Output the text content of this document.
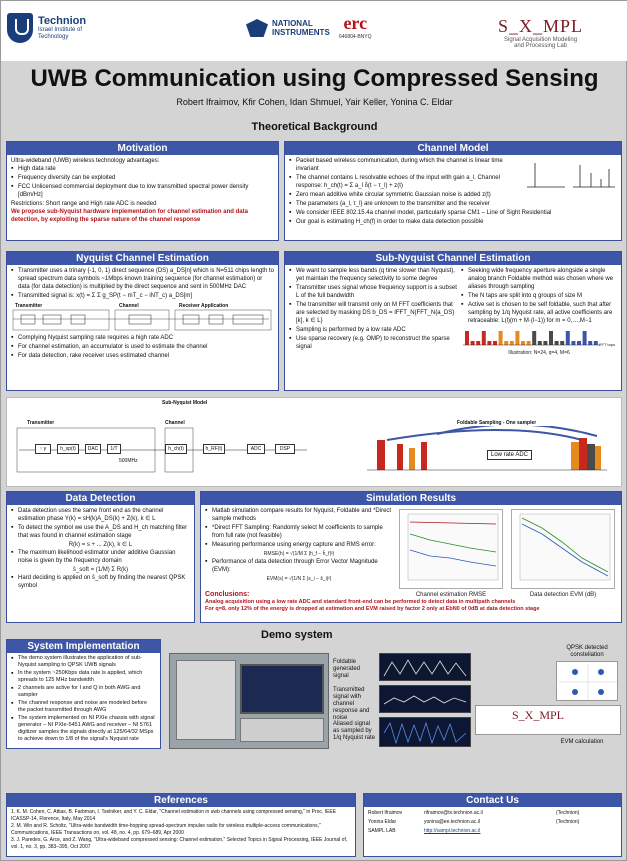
Technion
Israel Institute of Technology
NATIONAL
INSTRUMENTS erc
646804-BNYQ
S_X_MPL
Signal Acquisition Modeling
and Processing Lab
UWB Communication using Compressed Sensing
Robert Ifraimov, Kfir Cohen, Idan Shmuel, Yair Keller, Yonina C. Eldar
Theoretical Background
Motivation
Ultra-wideband (UWB) wireless technology advantages:
▪ High data rate
▪ Frequency diversity can be exploited
▪ FCC Unlicensed commercial deployment due to low transmitted spectral power density [dBm/Hz]
Restrictions: Short range and High rate ADC is needed
We propose sub-Nyquist hardware implementation for channel estimation and data detection, by exploiting the sparse nature of the channel response
Channel Model
▪ Packet based wireless communication, during which the channel is linear time invariant
▪ The channel contains L resolvable echoes of the input with gain a_l. Channel response: h_ch(t) = Σ a_l δ(t − τ_l) + z(t)
▪ Zero mean additive white circular symmetric Gaussian noise is added z(t)
▪ The parameters {a_l, τ_l} are unknown to the transmitter and the receiver
▪ We consider IEEE 802.15.4a channel model, particularly sparse CM1 – Line of Sight Residential
▪ Our goal is estimating H_ch(f) in order to make data detection possible
Nyquist Channel Estimation
▪ Transmitter uses a trinary {-1, 0, 1} direct sequence (DS) a_DS[n] which is N=511 chips length to spread spectrum data symbols ~1Mbps known training sequence (for channel estimation) or data (for data detection) is multiplied by the direct sequence and sent in 500MHz DAC
▪ Transmitted signal is: x(t) = Σ Σ g_SP(t − mT_c − iNT_c) a_DS[m]
Transmitter	Channel	Receiver Application
▪ Complying Nyquist sampling rate requires a high rate ADC
▪ For channel estimation, an accumulator is used to estimate the channel
▪ For data detection, rake receiver uses estimated channel
Sub-Nyquist Channel Estimation
▪ We want to sample less bands (q time slower than Nyquist), yet maintain the frequency selectivity to some degree
▪ Transmitter uses signal whose frequency support is a subset L of the full bandwidth
▪ The transmitter will transmit only on M FFT coefficients that are selected by masking DS b_DS = IFFT_N{FFT_N{a_DS}[k], k ∈ L}
▪ Sampling is performed by a low rate ADC
▪ Use sparse recovery (e.g. OMP) to reconstruct the sparse signal
▪ Seeking wide frequency aperture alongside a single analog branch Foldable method was chosen where we aliases through sampling
▪ The N taps are split into q groups of size M
▪ Active set is chosen to be self foldable, such that after sampling by 1/q Nyquist rate, all active coefficients are retraceable: L(l)(m + M·(l−1)) for m = 0,…,M−1
Illustration: N=24, q=4, M=6
FFT taps
Sub-Nyquist Model
Transmitter	Channel
↑ γ	h_sp(t)	DAC	1/T	h_ch(t)	h_RF(t)	ADC	DSP
500MHz
Foldable Sampling - One sampler
Low rate ADC
Data Detection
▪ Data detection uses the same front end as the channel estimation phase Y(k) = sH(k)A_DS(k) + Z(k), k ∈ L
▪ To detect the symbol we use the A_DS and H_ch matching filter that was found in channel estimation stage
R(k) = s + ... Z(k), k ∈ L
▪ The maximum likelihood estimator under additive Gaussian noise is given by the frequency domain
ŝ_soft = (1/M) Σ R(k)
▪ Hard deciding is applied on ŝ_soft by finding the nearest QPSK symbol
Simulation Results
▪ Matlab simulation compare results for Nyquist, Foldable and *Direct sample methods
▪ *Direct FFT Sampling: Randomly select M coefficients to sample from full rate (not feasible)
▪ Measuring performance using energy capture and RMS error:
RMSE(h) = √(1/M Σ |h_f − ĥ_f|²)
▪ Performance of data detection through Error Vector Magnitude (EVM):
EVM(s) = √(1/N Σ |s_i − ŝ_i|²)
Channel estimation RMSE	Data detection EVM (dB)
Conclusions:
Analog acquisition using a low rate ADC and standard front-end can be performed to detect data in multipath channels
For q=8, only 12% of the energy is dropped at estimation and EVM raised by factor 2 only at EbN0 of 0dB at data detection stage
System Implementation
▪ The demo system illustrates the application of sub-Nyquist sampling to QPSK UWB signals
▪ In the system ~250Kbps data rate is applied, which spreads to 125 MHz bandwidth
▪ 2 channels are active for I and Q in both AWG and sampler
▪ The channel response and noise are modeled before the packet transmitted through AWG
▪ The system implemented on NI PXIe chassis with signal generator – NI PXIe-5451 AWG and receiver – NI 5761 digitizer samples the signals directly at 125/64/32 MSps to achieve down to 1/8 of the signal's Nyquist rate
Demo system
Foldable generated signal
Transmitted signal with channel response and noise
Aliased signal as sampled by 1/q Nyquist rate
QPSK detected constellation
S_X_MPL
EVM calculation
References
1. K. M. Cohen, C. Attias, B. Farbman, I. Tselniker, and Y. C. Eldar, "Channel estimation in uwb channels using compressed sensing," in Proc. IEEE ICASSP-14, Florence, Italy, May 2014
2. M. Win and R. Scholtz, "Ultra-wide bandwidth time-hopping spread-spectrum impulse radio for wireless multiple-access communications," Communications, IEEE Transactions on, vol. 48, no. 4, pp. 679–689, Apr 2000
3. J. Paredes, G. Arce, and Z. Wang, "Ultra-wideband compressed sensing: Channel estimation," Selected Topics in Signal Processing, IEEE Journal of, vol. 1, no. 3, pp. 383–395, Oct 2007
Contact Us
Robert Ifraimov	rifraimov@tx.technion.ac.il	(Technion)
Yonina Eldar	yonina@ee.technion.ac.il	(Technion)
SAMPL LAB	http://sampl.technion.ac.il
